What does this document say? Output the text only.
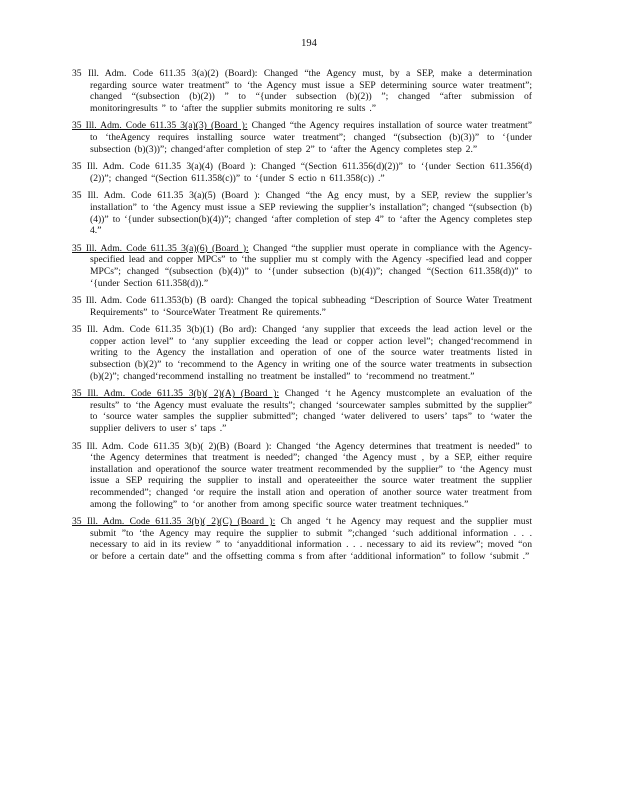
194

35 Ill. Adm. Code 611.35 3(a)(2) (Board): Changed “the Agency must, by a SEP, make a determination regarding source water treatment” to ‘the Agency must issue a SEP determining source water treatment”; changed “(subsection (b)(2)) ” to “{under subsection (b)(2)) ”; changed “after submission of monitoringresults ” to ‘after the supplier submits monitoring re sults .”

35 Ill. Adm. Code 611.35 3(a)(3) (Board ): Changed “the Agency requires installation of source water treatment” to ‘theAgency requires installing source water treatment”; changed “(subsection (b)(3))” to ‘{under subsection (b)(3))”; changed‘after completion of step 2” to ‘after the Agency completes step 2.”

35 Ill. Adm. Code 611.35 3(a)(4) (Board ): Changed “(Section 611.356(d)(2))” to ‘{under Section 611.356(d)(2))”; changed “(Section 611.358(c))” to ‘{under S ectio n 611.358(c)) .”

35 Ill. Adm. Code 611.35 3(a)(5) (Board ): Changed “the Ag ency must, by a SEP, review the supplier’s installation” to ‘the Agency must issue a SEP reviewing the supplier’s installation”; changed “(subsection (b)(4))” to ‘{under subsection(b)(4))”; changed ‘after completion of step 4” to ‘after the Agency completes step 4.”

35 Ill. Adm. Code 611.35 3(a)(6) (Board ): Changed “the supplier must operate in compliance with the Agency- specified lead and copper MPCs” to ‘the supplier mu st comply with the Agency -specified lead and copper MPCs”; changed “(subsection (b)(4))” to ‘{under subsection (b)(4))”; changed “(Section 611.358(d))” to ‘{under Section 611.358(d)).”

35 Ill. Adm. Code 611.353(b) (B oard): Changed the topical subheading “Description of Source Water Treatment Requirements” to ‘SourceWater Treatment Re quirements.”

35 Ill. Adm. Code 611.35 3(b)(1) (Bo ard): Changed ‘any supplier that exceeds the lead action level or the copper action level” to ‘any supplier exceeding the lead or copper action level”; changed‘recommend in writing to the Agency the installation and operation of one of the source water treatments listed in subsection (b)(2)” to ‘recommend to the Agency in writing one of the source water treatments in subsection (b)(2)”; changed‘recommend installing no treatment be installed” to ‘recommend no treatment.”

35 Ill. Adm. Code 611.35 3(b)( 2)(A) (Board ): Changed ‘t he Agency mustcomplete an evaluation of the results” to ‘the Agency must evaluate the results”; changed ‘sourcewater samples submitted by the supplier” to ‘source water samples the supplier submitted”; changed ‘water delivered to users’ taps” to ‘water the supplier delivers to user s’ taps .”

35 Ill. Adm. Code 611.35 3(b)( 2)(B) (Board ): Changed ‘the Agency determines that treatment is needed” to ‘the Agency determines that treatment is needed”; changed ‘the Agency must , by a SEP, either require installation and operationof the source water treatment recommended by the supplier” to ‘the Agency must issue a SEP requiring the supplier to install and operateeither the source water treatment the supplier recommended”; changed ‘or require the install ation and operation of another source water treatment from among the following” to ‘or another from among specific source water treatment techniques.”

35 Ill. Adm. Code 611.35 3(b)( 2)(C) (Board ): Ch anged ‘t he Agency may request and the supplier must submit ”to ‘the Agency may require the supplier to submit ”;changed ‘such additional information . . . necessary to aid in its review ” to ‘anyadditional information . . . necessary to aid its review”; moved “on or before a certain date” and the offsetting comma s from after ‘additional information” to follow ‘submit .”
